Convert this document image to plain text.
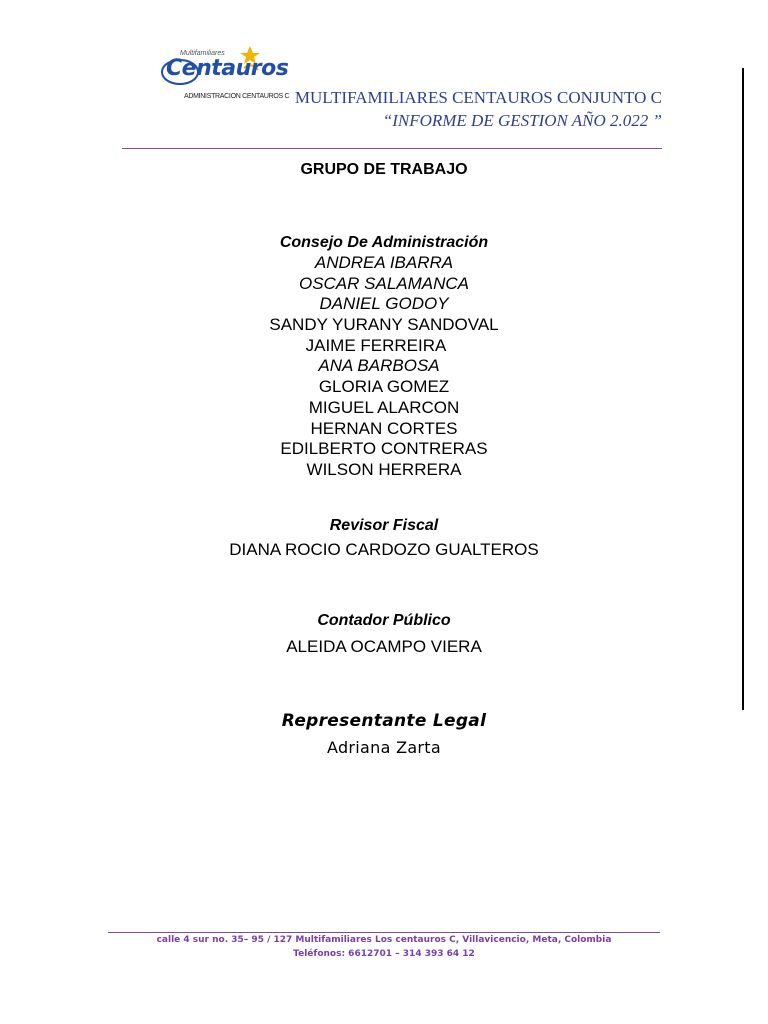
Multifamiliares
Centauros
ADMINISTRACION CENTAUROS C MULTIFAMILIARES CENTAUROS CONJUNTO C
“INFORME DE GESTION AÑO 2.022 ”
GRUPO DE TRABAJO
Consejo De Administración
ANDREA IBARRA
OSCAR SALAMANCA
DANIEL GODOY
SANDY YURANY SANDOVAL
JAIME FERREIRA
ANA BARBOSA
GLORIA GOMEZ
MIGUEL ALARCON
HERNAN CORTES
EDILBERTO CONTRERAS
WILSON HERRERA
Revisor Fiscal
DIANA ROCIO CARDOZO GUALTEROS
Contador Público
ALEIDA OCAMPO VIERA
Representante Legal
Adriana Zarta
calle 4 sur no. 35– 95 / 127 Multifamiliares Los centauros C, Villavicencio, Meta, Colombia
Teléfonos: 6612701 – 314 393 64 12
